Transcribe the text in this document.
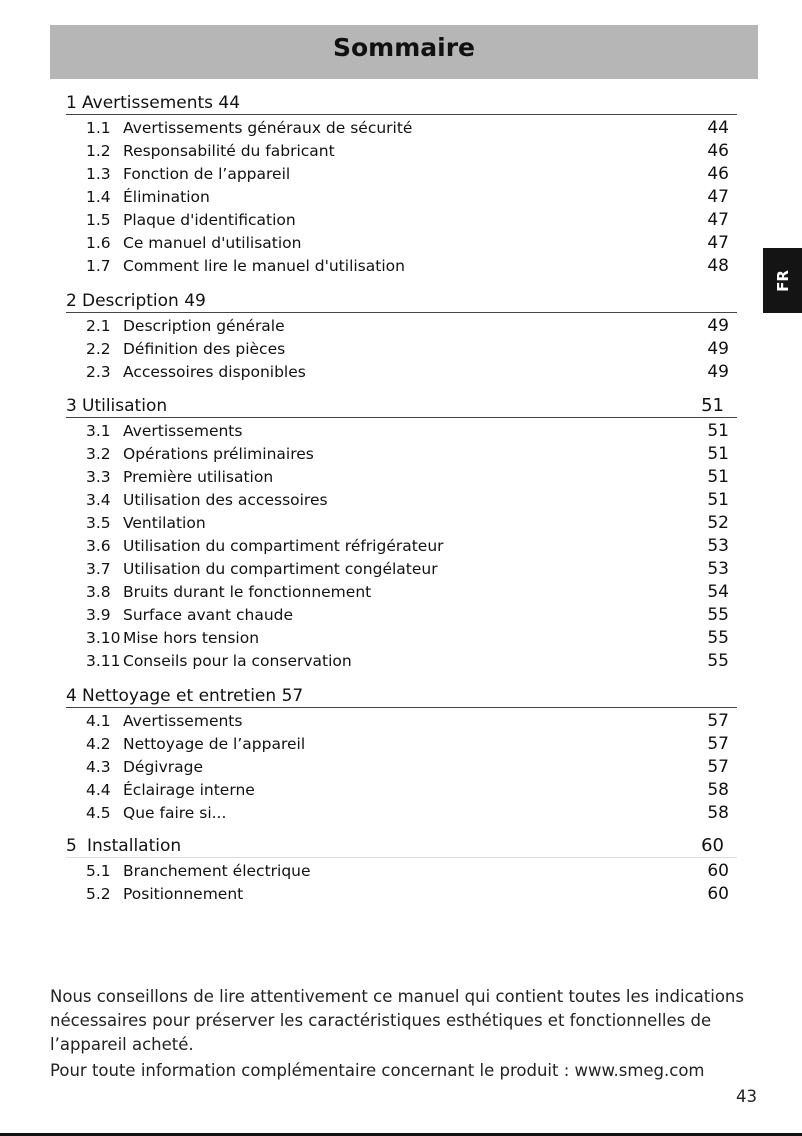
Sommaire
FR
1 Avertissements 44
1.1 Avertissements généraux de sécurité	44
1.2 Responsabilité du fabricant	46
1.3 Fonction de l’appareil	46
1.4 Élimination	47
1.5 Plaque d'identification	47
1.6 Ce manuel d'utilisation	47
1.7 Comment lire le manuel d'utilisation	48
2 Description 49
2.1 Description générale	49
2.2 Définition des pièces	49
2.3 Accessoires disponibles	49
3 Utilisation	51
3.1 Avertissements	51
3.2 Opérations préliminaires	51
3.3 Première utilisation	51
3.4 Utilisation des accessoires	51
3.5 Ventilation	52
3.6 Utilisation du compartiment réfrigérateur	53
3.7 Utilisation du compartiment congélateur	53
3.8 Bruits durant le fonctionnement	54
3.9 Surface avant chaude	55
3.10 Mise hors tension	55
3.11 Conseils pour la conservation	55
4 Nettoyage et entretien 57
4.1 Avertissements	57
4.2 Nettoyage de l’appareil	57
4.3 Dégivrage	57
4.4 Éclairage interne	58
4.5 Que faire si...	58
5 Installation	60
5.1 Branchement électrique	60
5.2 Positionnement	60

Nous conseillons de lire attentivement ce manuel qui contient toutes les indications nécessaires pour préserver les caractéristiques esthétiques et fonctionnelles de l’appareil acheté.

Pour toute information complémentaire concernant le produit : www.smeg.com

43
